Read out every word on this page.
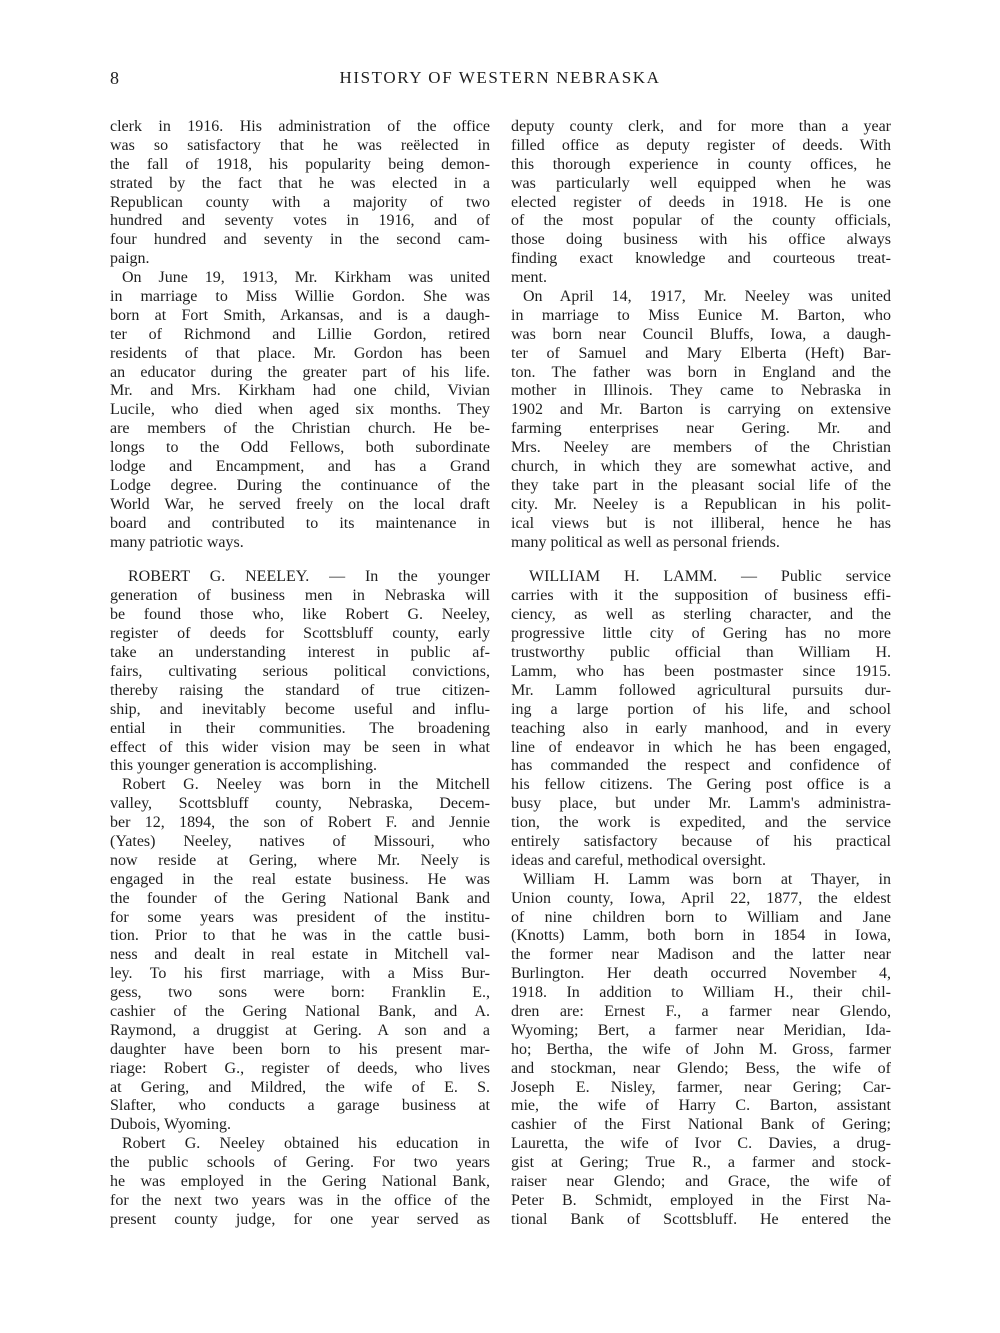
8	HISTORY OF WESTERN NEBRASKA
clerk in 1916. His administration of the office
was so satisfactory that he was reëlected in
the fall of 1918, his popularity being demon-
strated by the fact that he was elected in a
Republican county with a majority of two
hundred and seventy votes in 1916, and of
four hundred and seventy in the second cam-
paign.
On June 19, 1913, Mr. Kirkham was united
in marriage to Miss Willie Gordon. She was
born at Fort Smith, Arkansas, and is a daugh-
ter of Richmond and Lillie Gordon, retired
residents of that place. Mr. Gordon has been
an educator during the greater part of his life.
Mr. and Mrs. Kirkham had one child, Vivian
Lucile, who died when aged six months. They
are members of the Christian church. He be-
longs to the Odd Fellows, both subordinate
lodge and Encampment, and has a Grand
Lodge degree. During the continuance of the
World War, he served freely on the local draft
board and contributed to its maintenance in
many patriotic ways.
ROBERT G. NEELEY. — In the younger
generation of business men in Nebraska will
be found those who, like Robert G. Neeley,
register of deeds for Scottsbluff county, early
take an understanding interest in public af-
fairs, cultivating serious political convictions,
thereby raising the standard of true citizen-
ship, and inevitably become useful and influ-
ential in their communities. The broadening
effect of this wider vision may be seen in what
this younger generation is accomplishing.
Robert G. Neeley was born in the Mitchell
valley, Scottsbluff county, Nebraska, Decem-
ber 12, 1894, the son of Robert F. and Jennie
(Yates) Neeley, natives of Missouri, who
now reside at Gering, where Mr. Neely is
engaged in the real estate business. He was
the founder of the Gering National Bank and
for some years was president of the institu-
tion. Prior to that he was in the cattle busi-
ness and dealt in real estate in Mitchell val-
ley. To his first marriage, with a Miss Bur-
gess, two sons were born: Franklin E.,
cashier of the Gering National Bank, and A.
Raymond, a druggist at Gering. A son and a
daughter have been born to his present mar-
riage: Robert G., register of deeds, who lives
at Gering, and Mildred, the wife of E. S.
Slafter, who conducts a garage business at
Dubois, Wyoming.
Robert G. Neeley obtained his education in
the public schools of Gering. For two years
he was employed in the Gering National Bank,
for the next two years was in the office of the
present county judge, for one year served as
deputy county clerk, and for more than a year
filled office as deputy register of deeds. With
this thorough experience in county offices, he
was particularly well equipped when he was
elected register of deeds in 1918. He is one
of the most popular of the county officials,
those doing business with his office always
finding exact knowledge and courteous treat-
ment.
On April 14, 1917, Mr. Neeley was united
in marriage to Miss Eunice M. Barton, who
was born near Council Bluffs, Iowa, a daugh-
ter of Samuel and Mary Elberta (Heft) Bar-
ton. The father was born in England and the
mother in Illinois. They came to Nebraska in
1902 and Mr. Barton is carrying on extensive
farming enterprises near Gering. Mr. and
Mrs. Neeley are members of the Christian
church, in which they are somewhat active, and
they take part in the pleasant social life of the
city. Mr. Neeley is a Republican in his polit-
ical views but is not illiberal, hence he has
many political as well as personal friends.
WILLIAM H. LAMM. — Public service
carries with it the supposition of business effi-
ciency, as well as sterling character, and the
progressive little city of Gering has no more
trustworthy public official than William H.
Lamm, who has been postmaster since 1915.
Mr. Lamm followed agricultural pursuits dur-
ing a large portion of his life, and school
teaching also in early manhood, and in every
line of endeavor in which he has been engaged,
has commanded the respect and confidence of
his fellow citizens. The Gering post office is a
busy place, but under Mr. Lamm's administra-
tion, the work is expedited, and the service
entirely satisfactory because of his practical
ideas and careful, methodical oversight.
William H. Lamm was born at Thayer, in
Union county, Iowa, April 22, 1877, the eldest
of nine children born to William and Jane
(Knotts) Lamm, both born in 1854 in Iowa,
the former near Madison and the latter near
Burlington. Her death occurred November 4,
1918. In addition to William H., their chil-
dren are: Ernest F., a farmer near Glendo,
Wyoming; Bert, a farmer near Meridian, Ida-
ho; Bertha, the wife of John M. Gross, farmer
and stockman, near Glendo; Bess, the wife of
Joseph E. Nisley, farmer, near Gering; Car-
mie, the wife of Harry C. Barton, assistant
cashier of the First National Bank of Gering;
Lauretta, the wife of Ivor C. Davies, a drug-
gist at Gering; True R., a farmer and stock-
raiser near Glendo; and Grace, the wife of
Peter B. Schmidt, employed in the First Na-
tional Bank of Scottsbluff. He entered the
